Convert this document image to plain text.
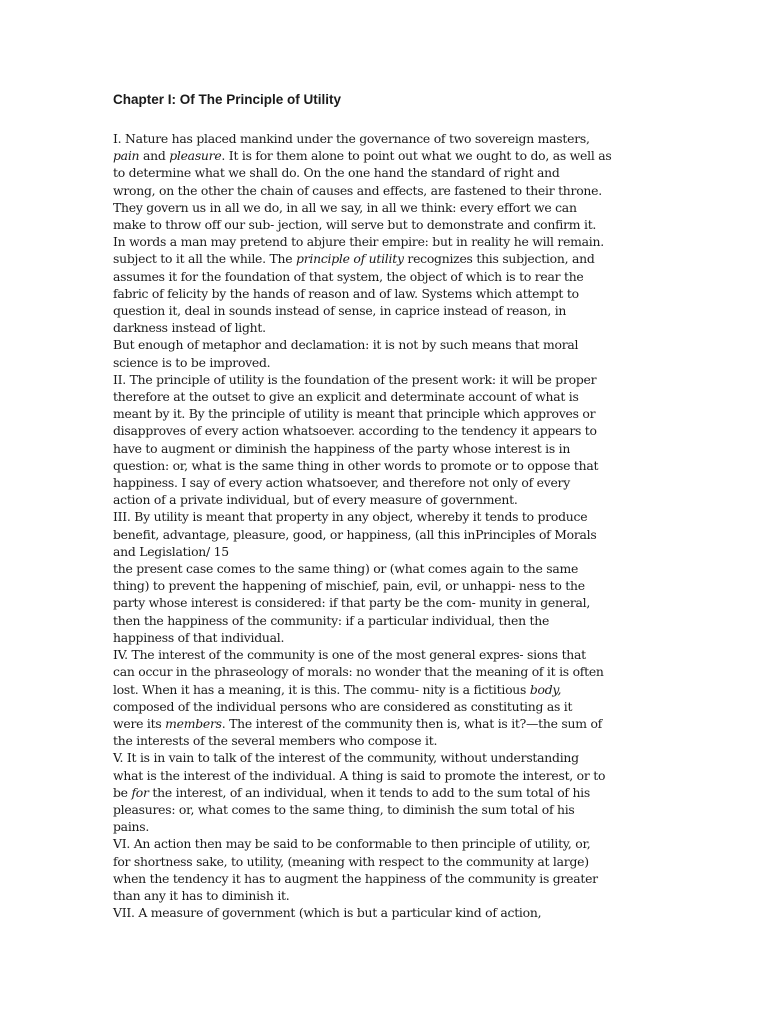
Chapter I: Of The Principle of Utility
I. Nature has placed mankind under the governance of two sovereign masters,
pain and pleasure. It is for them alone to point out what we ought to do, as well as
to determine what we shall do. On the one hand the standard of right and
wrong, on the other the chain of causes and effects, are fastened to their throne.
They govern us in all we do, in all we say, in all we think: every effort we can
make to throw off our sub- jection, will serve but to demonstrate and confirm it.
In words a man may pretend to abjure their empire: but in reality he will remain.
subject to it all the while. The principle of utility recognizes this subjection, and
assumes it for the foundation of that system, the object of which is to rear the
fabric of felicity by the hands of reason and of law. Systems which attempt to
question it, deal in sounds instead of sense, in caprice instead of reason, in
darkness instead of light.
But enough of metaphor and declamation: it is not by such means that moral
science is to be improved.
II. The principle of utility is the foundation of the present work: it will be proper
therefore at the outset to give an explicit and determinate account of what is
meant by it. By the principle of utility is meant that principle which approves or
disapproves of every action whatsoever. according to the tendency it appears to
have to augment or diminish the happiness of the party whose interest is in
question: or, what is the same thing in other words to promote or to oppose that
happiness. I say of every action whatsoever, and therefore not only of every
action of a private individual, but of every measure of government.
III. By utility is meant that property in any object, whereby it tends to produce
benefit, advantage, pleasure, good, or happiness, (all this inPrinciples of Morals
and Legislation/ 15
the present case comes to the same thing) or (what comes again to the same
thing) to prevent the happening of mischief, pain, evil, or unhappi- ness to the
party whose interest is considered: if that party be the com- munity in general,
then the happiness of the community: if a particular individual, then the
happiness of that individual.
IV. The interest of the community is one of the most general expres- sions that
can occur in the phraseology of morals: no wonder that the meaning of it is often
lost. When it has a meaning, it is this. The commu- nity is a fictitious body,
composed of the individual persons who are considered as constituting as it
were its members. The interest of the community then is, what is it?—the sum of
the interests of the several members who compose it.
V. It is in vain to talk of the interest of the community, without understanding
what is the interest of the individual. A thing is said to promote the interest, or to
be for the interest, of an individual, when it tends to add to the sum total of his
pleasures: or, what comes to the same thing, to diminish the sum total of his
pains.
VI. An action then may be said to be conformable to then principle of utility, or,
for shortness sake, to utility, (meaning with respect to the community at large)
when the tendency it has to augment the happiness of the community is greater
than any it has to diminish it.
VII. A measure of government (which is but a particular kind of action,
